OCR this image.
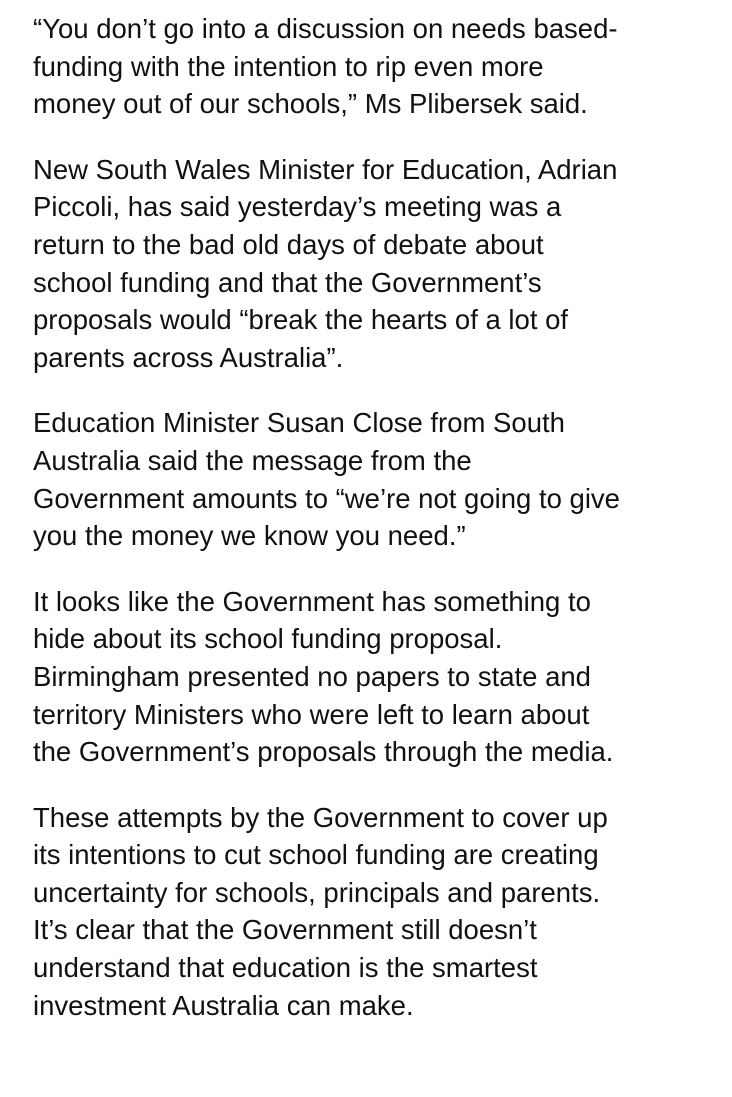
“You don’t go into a discussion on needs based-
funding with the intention to rip even more
money out of our schools,” Ms Plibersek said.

New South Wales Minister for Education, Adrian
Piccoli, has said yesterday’s meeting was a
return to the bad old days of debate about
school funding and that the Government’s
proposals would “break the hearts of a lot of
parents across Australia”.

Education Minister Susan Close from South
Australia said the message from the
Government amounts to “we’re not going to give
you the money we know you need.”

It looks like the Government has something to
hide about its school funding proposal.
Birmingham presented no papers to state and
territory Ministers who were left to learn about
the Government’s proposals through the media.

These attempts by the Government to cover up
its intentions to cut school funding are creating
uncertainty for schools, principals and parents.
It’s clear that the Government still doesn’t
understand that education is the smartest
investment Australia can make.
